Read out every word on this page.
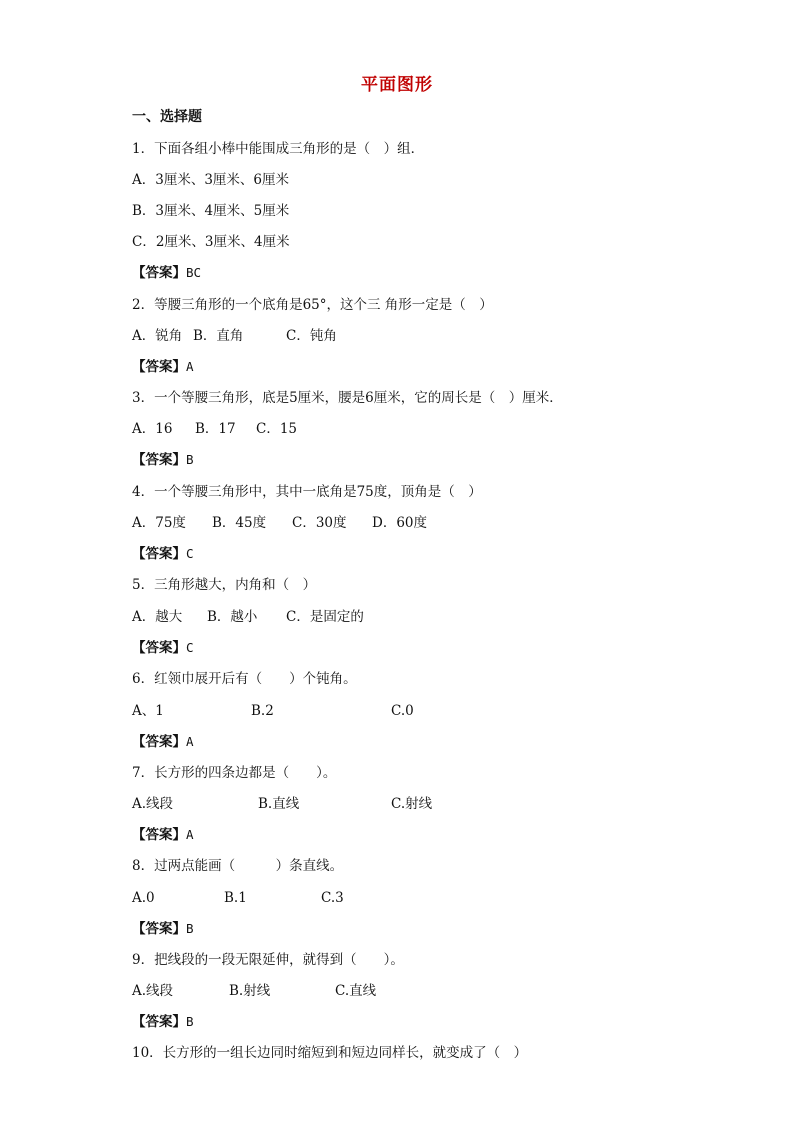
平面图形
一、选择题
1．下面各组小棒中能围成三角形的是（　）组．
A．3厘米、3厘米、6厘米
B．3厘米、4厘米、5厘米
C．2厘米、3厘米、4厘米
【答案】BC
2．等腰三角形的一个底角是65°，这个三 角形一定是（　）
A．锐角 B．直角	C．钝角
【答案】A
3．一个等腰三角形，底是5厘米，腰是6厘米，它的周长是（　）厘米．
A．16 B．17 C．15
【答案】B
4．一个等腰三角形中，其中一底角是75度，顶角是（　）
A．75度 B．45度 C．30度 D．60度
【答案】C
5．三角形越大，内角和（　）
A．越大 B．越小 C．是固定的
【答案】C
6．红领巾展开后有（　　）个钝角。
A、1	B.2	C.0
【答案】A
7．长方形的四条边都是（　　）。
A.线段	B.直线	C.射线
【答案】A
8．过两点能画（　　　）条直线。
A.0	B.1	C.3
【答案】B
9．把线段的一段无限延伸，就得到（　　）。
A.线段	B.射线	C.直线
【答案】B
10．长方形的一组长边同时缩短到和短边同样长，就变成了（　）
